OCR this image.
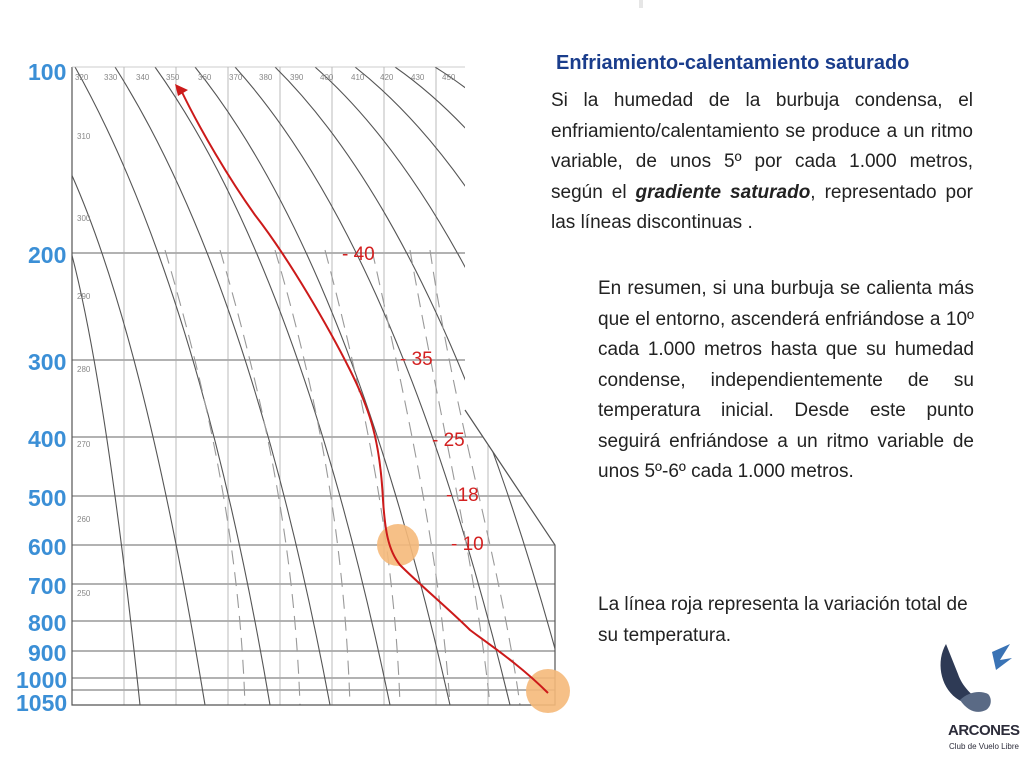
100
200
300
400
500
600
700
800
900
1000
1050
320 330 340 350 360 370 380 390 400 410 420 430 450
310
300
290
280
270
260
250
- 40
- 35
- 25
- 18
- 10
Enfriamiento-calentamiento saturado
Si la humedad de la burbuja condensa, el enfriamiento/calentamiento se produce a un ritmo variable, de unos 5º por cada 1.000 metros, según el gradiente saturado, representado por las líneas discontinuas .
En resumen, si una burbuja se calienta más que el entorno, ascenderá enfriándose a 10º cada 1.000 metros hasta que su humedad condense, independientemente de su temperatura inicial. Desde este punto seguirá enfriándose a un ritmo variable de unos 5º-6º cada 1.000 metros.
La línea roja representa la variación total de su temperatura.
ARCONES
Club de Vuelo Libre
